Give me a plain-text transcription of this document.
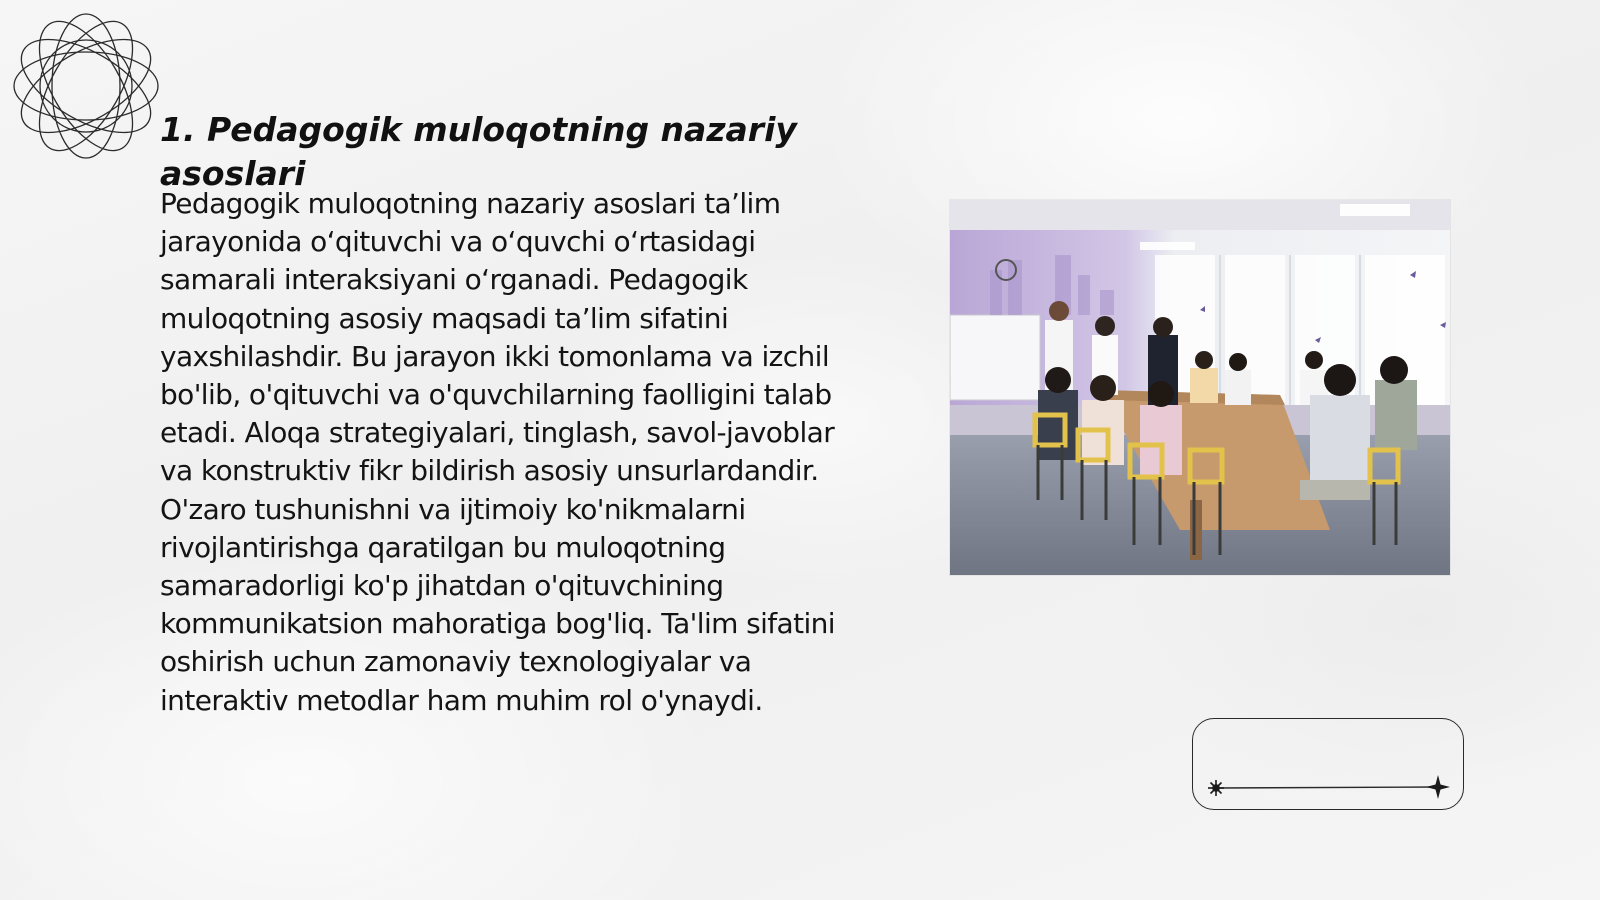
1. Pedagogik muloqotning nazariy asoslari

Pedagogik muloqotning nazariy asoslari ta’lim jarayonida o‘qituvchi va o‘quvchi o‘rtasidagi samarali interaksiyani o‘rganadi. Pedagogik muloqotning asosiy maqsadi ta’lim sifatini yaxshilashdir. Bu jarayon ikki tomonlama va izchil bo'lib, o'qituvchi va o'quvchilarning faolligini talab etadi. Aloqa strategiyalari, tinglash, savol-javoblar va konstruktiv fikr bildirish asosiy unsurlardandir. O'zaro tushunishni va ijtimoiy ko'nikmalarni rivojlantirishga qaratilgan bu muloqotning samaradorligi ko'p jihatdan o'qituvchining kommunikatsion mahoratiga bog'liq. Ta'lim sifatini oshirish uchun zamonaviy texnologiyalar va interaktiv metodlar ham muhim rol o'ynaydi.
